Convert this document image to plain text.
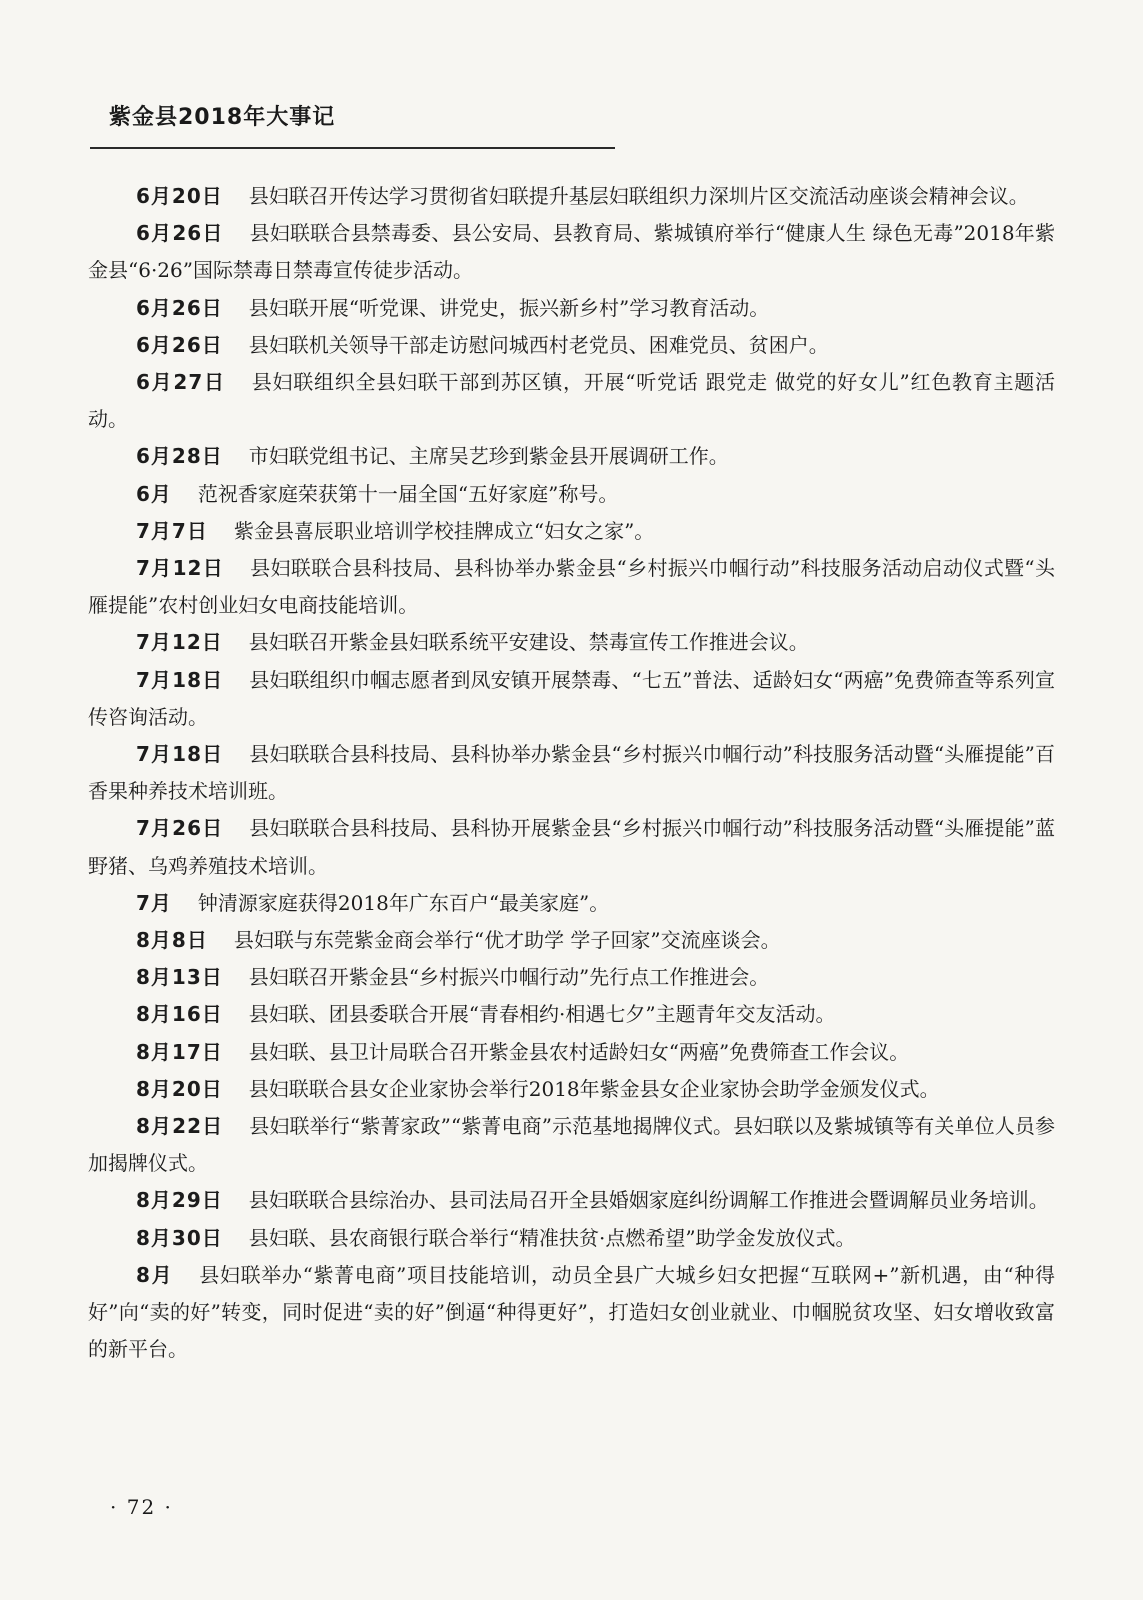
紫金县2018年大事记

6月20日 县妇联召开传达学习贯彻省妇联提升基层妇联组织力深圳片区交流活动座谈会精神会议。

6月26日 县妇联联合县禁毒委、县公安局、县教育局、紫城镇府举行“健康人生 绿色无毒”2018年紫金县“6·26”国际禁毒日禁毒宣传徒步活动。

6月26日 县妇联开展“听党课、讲党史，振兴新乡村”学习教育活动。

6月26日 县妇联机关领导干部走访慰问城西村老党员、困难党员、贫困户。

6月27日 县妇联组织全县妇联干部到苏区镇，开展“听党话 跟党走 做党的好女儿”红色教育主题活动。

6月28日 市妇联党组书记、主席吴艺珍到紫金县开展调研工作。

6月 范祝香家庭荣获第十一届全国“五好家庭”称号。

7月7日 紫金县喜辰职业培训学校挂牌成立“妇女之家”。

7月12日 县妇联联合县科技局、县科协举办紫金县“乡村振兴巾帼行动”科技服务活动启动仪式暨“头雁提能”农村创业妇女电商技能培训。

7月12日 县妇联召开紫金县妇联系统平安建设、禁毒宣传工作推进会议。

7月18日 县妇联组织巾帼志愿者到凤安镇开展禁毒、“七五”普法、适龄妇女“两癌”免费筛查等系列宣传咨询活动。

7月18日 县妇联联合县科技局、县科协举办紫金县“乡村振兴巾帼行动”科技服务活动暨“头雁提能”百香果种养技术培训班。

7月26日 县妇联联合县科技局、县科协开展紫金县“乡村振兴巾帼行动”科技服务活动暨“头雁提能”蓝野猪、乌鸡养殖技术培训。

7月 钟清源家庭获得2018年广东百户“最美家庭”。

8月8日 县妇联与东莞紫金商会举行“优才助学 学子回家”交流座谈会。

8月13日 县妇联召开紫金县“乡村振兴巾帼行动”先行点工作推进会。

8月16日 县妇联、团县委联合开展“青春相约·相遇七夕”主题青年交友活动。

8月17日 县妇联、县卫计局联合召开紫金县农村适龄妇女“两癌”免费筛查工作会议。

8月20日 县妇联联合县女企业家协会举行2018年紫金县女企业家协会助学金颁发仪式。

8月22日 县妇联举行“紫菁家政”“紫菁电商”示范基地揭牌仪式。县妇联以及紫城镇等有关单位人员参加揭牌仪式。

8月29日 县妇联联合县综治办、县司法局召开全县婚姻家庭纠纷调解工作推进会暨调解员业务培训。

8月30日 县妇联、县农商银行联合举行“精准扶贫·点燃希望”助学金发放仪式。

8月 县妇联举办“紫菁电商”项目技能培训，动员全县广大城乡妇女把握“互联网+”新机遇，由“种得好”向“卖的好”转变，同时促进“卖的好”倒逼“种得更好”，打造妇女创业就业、巾帼脱贫攻坚、妇女增收致富的新平台。

· 72 ·
